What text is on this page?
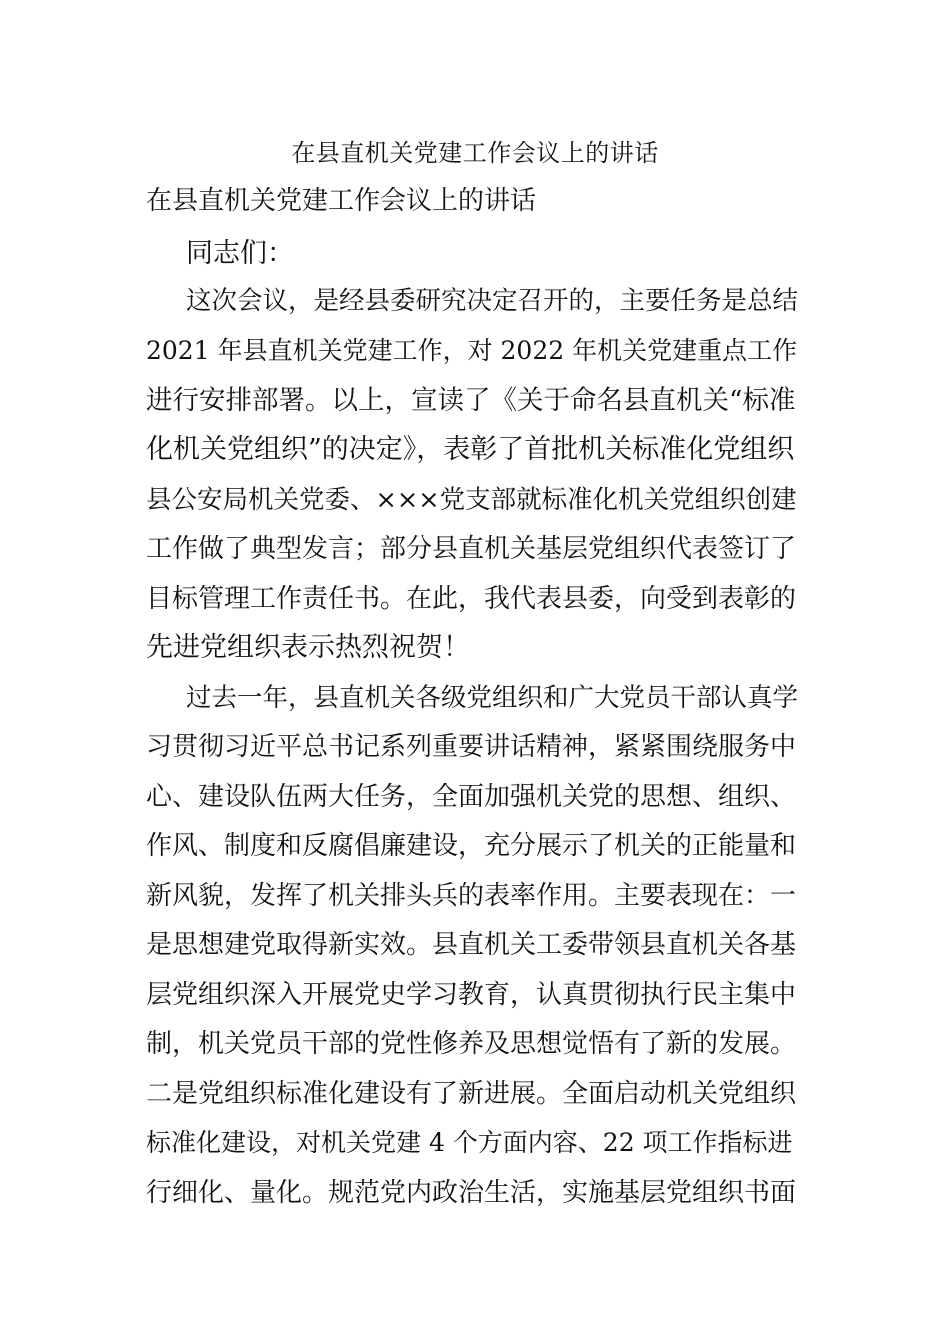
在县直机关党建工作会议上的讲话
在县直机关党建工作会议上的讲话
同志们：
这次会议，是经县委研究决定召开的，主要任务是总结
2021 年县直机关党建工作，对 2022 年机关党建重点工作
进行安排部署。以上，宣读了《关于命名县直机关“标准
化机关党组织”的决定》，表彰了首批机关标准化党组织
县公安局机关党委、×××党支部就标准化机关党组织创建
工作做了典型发言；部分县直机关基层党组织代表签订了
目标管理工作责任书。在此，我代表县委，向受到表彰的
先进党组织表示热烈祝贺！
过去一年，县直机关各级党组织和广大党员干部认真学
习贯彻习近平总书记系列重要讲话精神，紧紧围绕服务中
心、建设队伍两大任务，全面加强机关党的思想、组织、
作风、制度和反腐倡廉建设，充分展示了机关的正能量和
新风貌，发挥了机关排头兵的表率作用。主要表现在：一
是思想建党取得新实效。县直机关工委带领县直机关各基
层党组织深入开展党史学习教育，认真贯彻执行民主集中
制，机关党员干部的党性修养及思想觉悟有了新的发展。
二是党组织标准化建设有了新进展。全面启动机关党组织
标准化建设，对机关党建 4 个方面内容、22 项工作指标进
行细化、量化。规范党内政治生活，实施基层党组织书面
